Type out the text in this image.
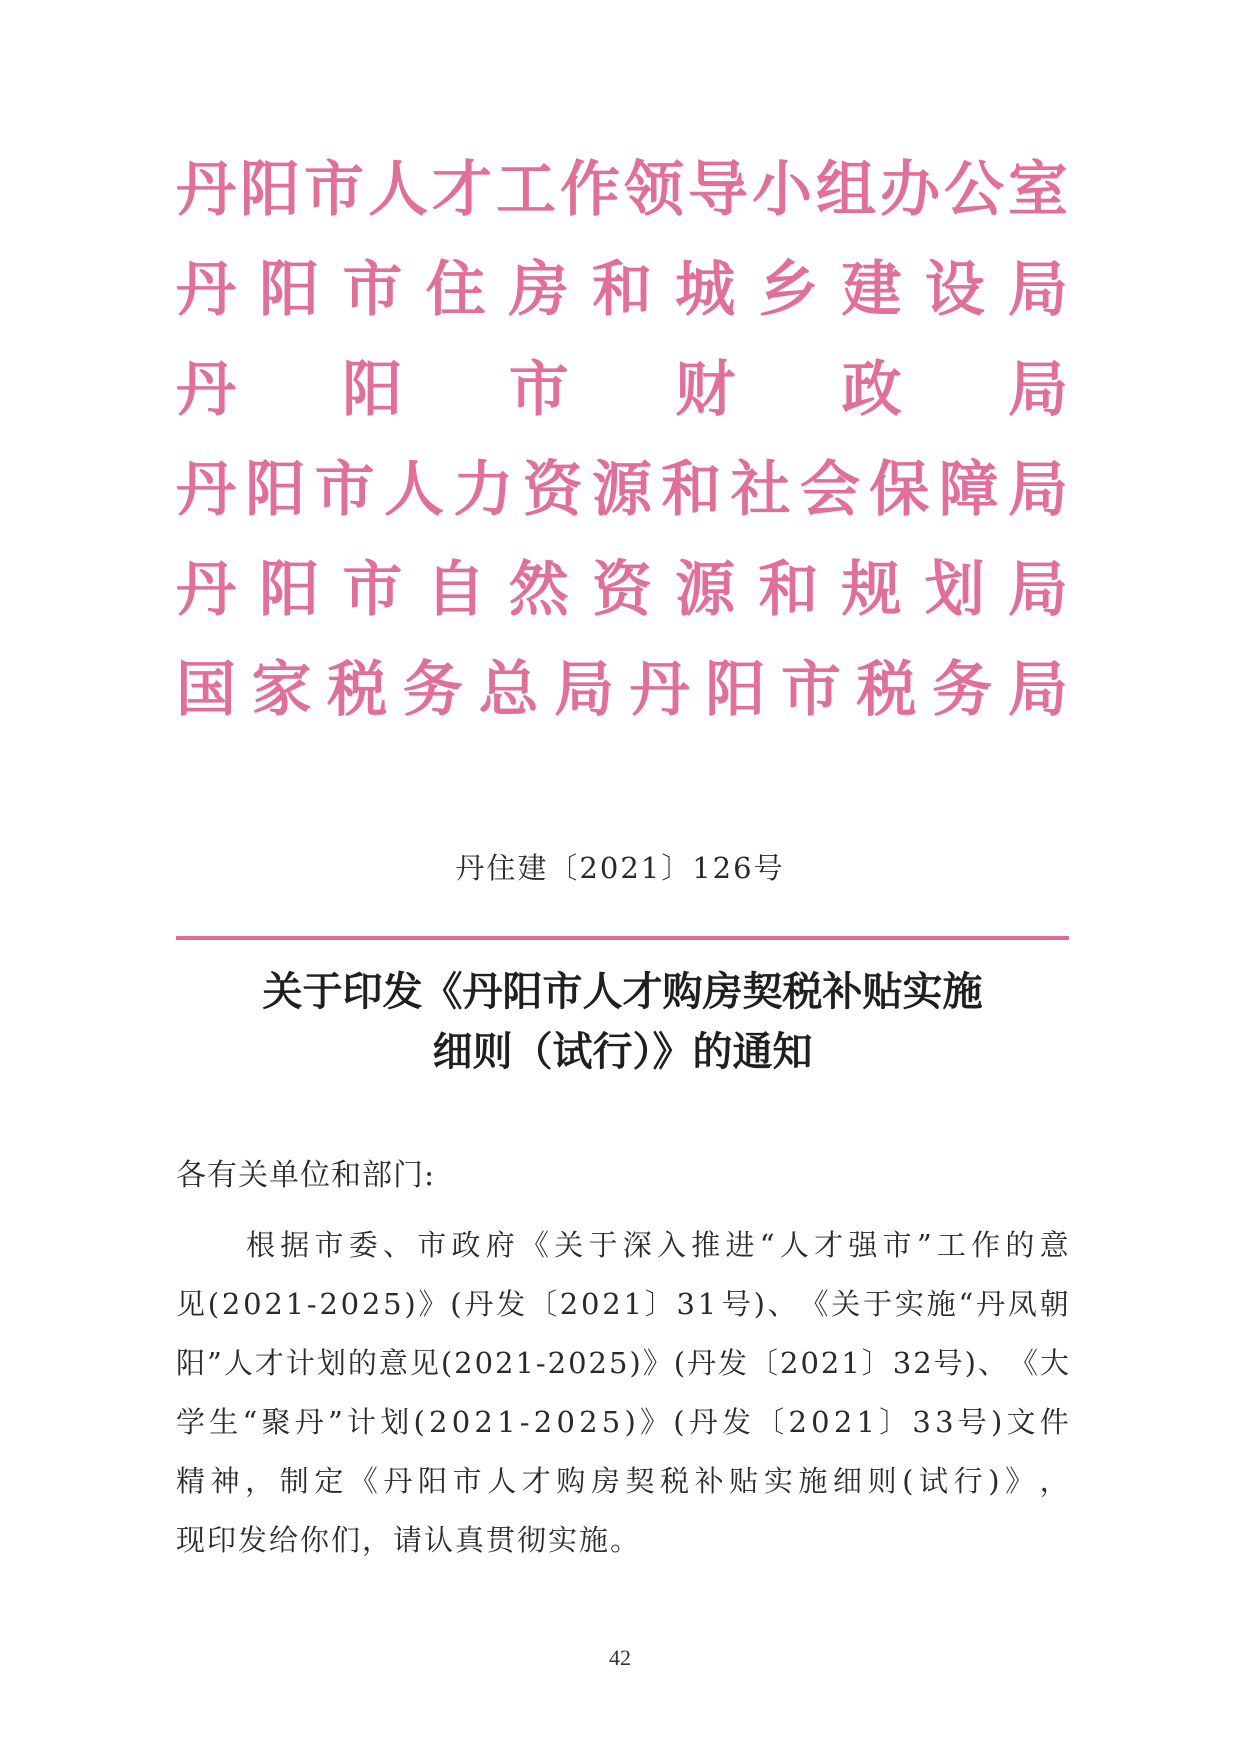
丹 阳 市 人 才 工 作 领 导 小 组 办 公 室
丹 阳 市 住 房 和 城 乡 建 设 局
丹 阳 市 财 政 局
丹 阳 市 人 力 资 源 和 社 会 保 障 局
丹 阳 市 自 然 资 源 和 规 划 局
国 家 税 务 总 局 丹 阳 市 税 务 局
丹住建〔2021〕126号
关于印发《丹阳市人才购房契税补贴实施
细则（试行）》的通知
各有关单位和部门:
根 据 市 委 、 市 政 府 《 关 于 深 入 推 进 “ 人 才 强 市 ” 工 作 的 意
见 ( 2 0 2 1 - 2 0 2 5 ) 》 ( 丹 发 〔 2 0 2 1 〕 3 1 号 ) 、 《 关 于 实 施 “ 丹 凤 朝
阳 ” 人 才 计 划 的 意 见 ( 2 0 2 1 - 2 0 2 5 ) 》 ( 丹 发 〔 2 0 2 1 〕 3 2 号 ) 、 《 大
学 生 “ 聚 丹 ” 计 划 ( 2 0 2 1 - 2 0 2 5 ) 》 ( 丹 发 〔 2 0 2 1 〕 3 3 号 ) 文 件
精 神 ， 制 定 《 丹 阳 市 人 才 购 房 契 税 补 贴 实 施 细 则 ( 试 行 ) 》 ，
现印发给你们，请认真贯彻实施。
42
